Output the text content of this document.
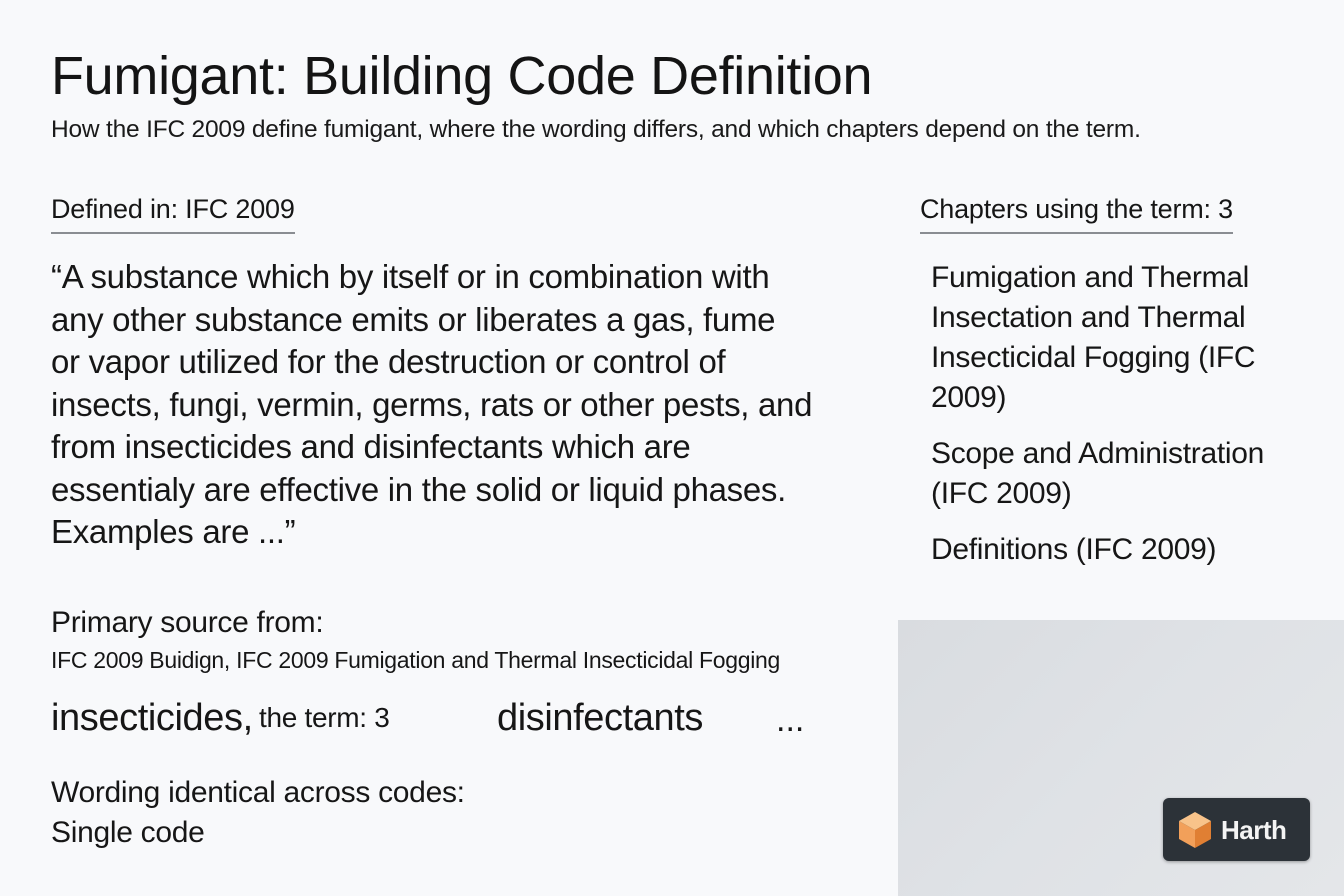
Fumigant: Building Code Definition
How the IFC 2009 define fumigant, where the wording differs, and which chapters depend on the term.
Defined in: IFC 2009
“A substance which by itself or in combination with
any other substance emits or liberates a gas, fume
or vapor utilized for the destruction or control of
insects, fungi, vermin, germs, rats or other pests, and
from insecticides and disinfectants which are
essentialy are effective in the solid or liquid phases.
Examples are ...”
Primary source from:
IFC 2009 Buidign, IFC 2009 Fumigation and Thermal Insecticidal Fogging
insecticides, the term: 3	disinfectants ...
Wording identical across codes:
Single code
Chapters using the term: 3
Fumigation and Thermal Insectation and Thermal Insecticidal Fogging (IFC 2009)
Scope and Administration (IFC 2009)
Definitions (IFC 2009)
Harth
